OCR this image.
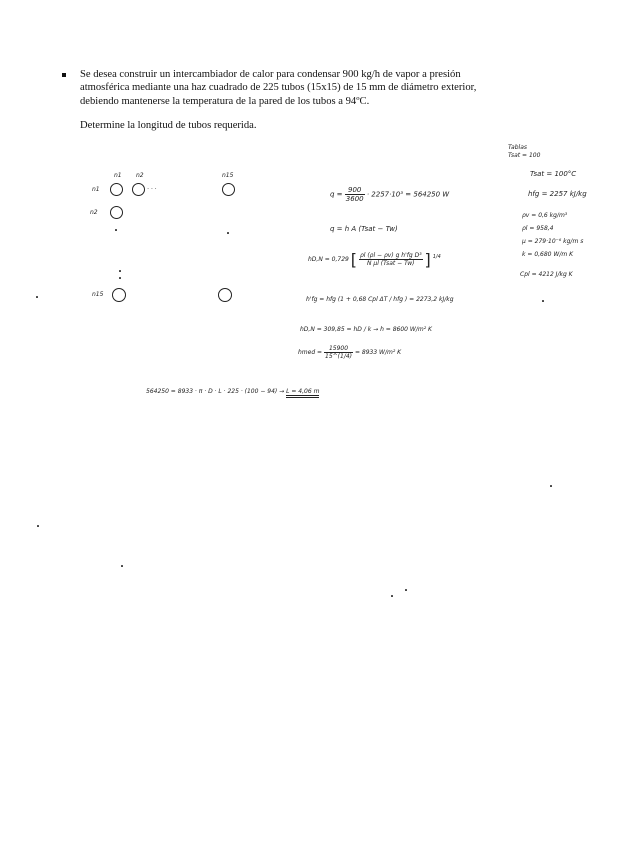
Se desea construir un intercambiador de calor para condensar 900 kg/h de vapor a presión
atmosférica mediante una haz cuadrado de 225 tubos (15x15) de 15 mm de diámetro exterior,
debiendo mantenerse la temperatura de la pared de los tubos a 94ºC.
Determine la longitud de tubos requerida.
n1 n2	n15
n1	· · ·
n2
n15
Tablas
Tsat = 100
Tsat = 100°C
hfg = 2257 kJ/kg
ρv = 0,6 kg/m³
ρl = 958,4
μ = 279·10⁻⁶ kg/m s
k = 0,680 W/m K
Cpl = 4212 J/kg K
$q = \frac{900}{3600} \cdot 2257\cdot 10^3 = 564250$ W
q = h A (Tsat − Tw)
hD,N = 0,729 [ $\frac{\text{ρl (ρl − ρv) g h'fg D³}}{\text{N μl (Tsat − Tw)}}$ ] $^{1/4}$
h'fg = hfg (1 + 0,68 Cpl ΔT / hfg ) = 2273,2 kJ/kg
hD,N = 309,85 = hD / k → h = 8600 W/m² K
hmed = $\frac{15900}{15\^{}(1/4)} = 8933$ W/m² K
564250 = 8933 · π · D · L · 225 · (100 − 94) → L = 4,06 m
